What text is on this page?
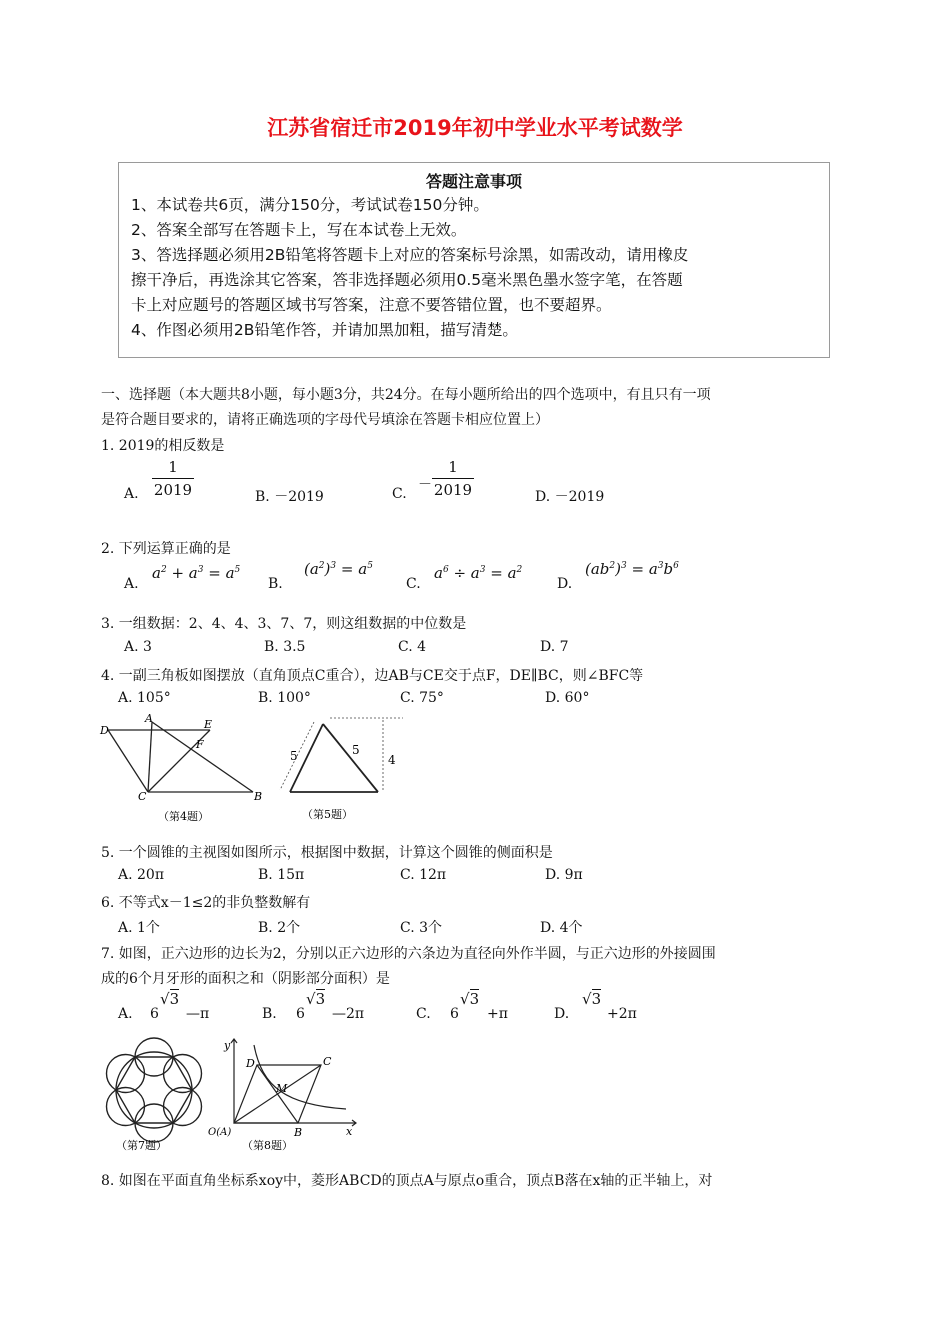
江苏省宿迁市2019年初中学业水平考试数学
答题注意事项
1、本试卷共6页，满分150分，考试试卷150分钟。
2、答案全部写在答题卡上，写在本试卷上无效。
3、答选择题必须用2B铅笔将答题卡上对应的答案标号涂黑，如需改动，请用橡皮
擦干净后，再选涂其它答案，答非选择题必须用0.5毫米黑色墨水签字笔，在答题
卡上对应题号的答题区域书写答案，注意不要答错位置，也不要超界。
4、作图必须用2B铅笔作答，并请加黑加粗，描写清楚。
一、选择题（本大题共8小题，每小题3分，共24分。在每小题所给出的四个选项中，有且只有一项
是符合题目要求的，请将正确选项的字母代号填涂在答题卡相应位置上）
1. 2019的相反数是
A.
1
2019	B. －2019	C.
－
1
2019	D. －2019
2. 下列运算正确的是
A.
$a^2 + a^3 = a^5$
B.
$(a^2)^3 = a^5$
C.
$a^6 \div a^3 = a^2$
D.
$(ab^2)^3 = a^3b^6$
3. 一组数据：2、4、4、3、7、7，则这组数据的中位数是
A. 3	B. 3.5	C. 4	D. 7
4. 一副三角板如图摆放（直角顶点C重合），边AB与CE交于点F，DE∥BC，则∠BFC等
A. 105°	B. 100°	C. 75°	D. 60°
D
A	E
F
C	B
（第4题）
5	5
4
（第5题）
5. 一个圆锥的主视图如图所示，根据图中数据，计算这个圆锥的侧面积是
A. 20π	B. 15π	C. 12π	D. 9π
6. 不等式x－1≤2的非负整数解有
A. 1个	B. 2个	C. 3个	D. 4个
7. 如图，正六边形的边长为2，分别以正六边形的六条边为直径向外作半圆，与正六边形的外接圆围
成的6个月牙形的面积之和（阴影部分面积）是
A. 6
√3
—π	B. 6
√3
—2π	C. 6
√3
+π	D.
√3
+2π
（第7题）
y
D	C
M
O(A)	B	x
（第8题）
8. 如图在平面直角坐标系xoy中，菱形ABCD的顶点A与原点o重合，顶点B落在x轴的正半轴上，对
